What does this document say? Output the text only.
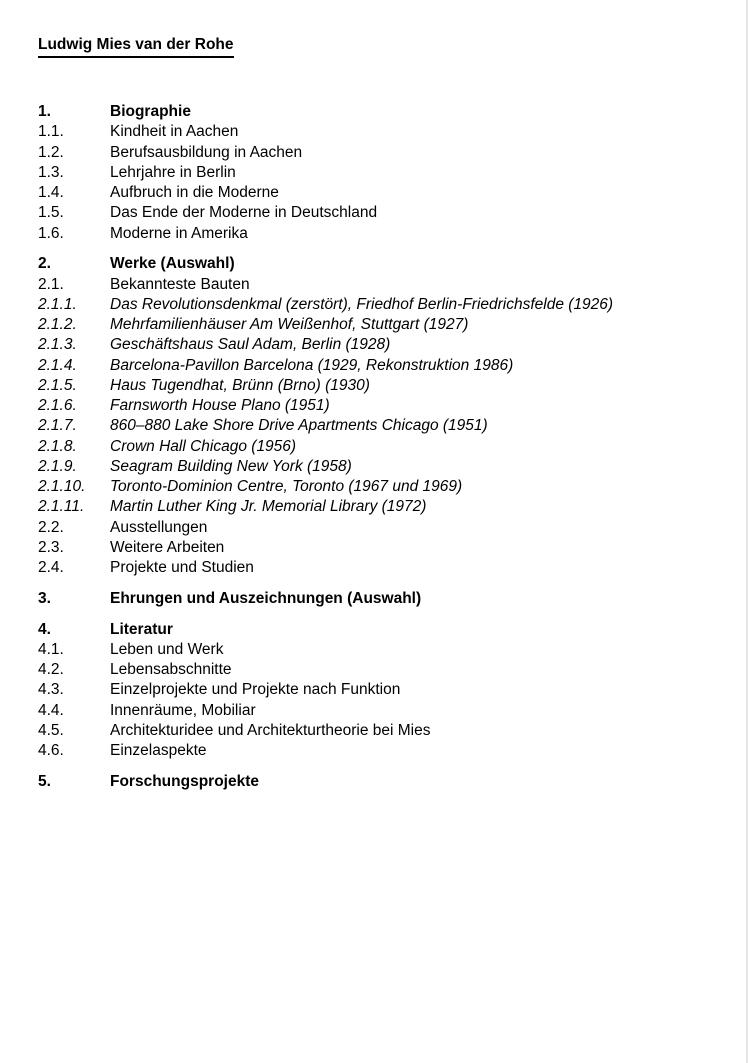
Ludwig Mies van der Rohe
1.	Biographie
1.1.	Kindheit in Aachen
1.2.	Berufsausbildung in Aachen
1.3.	Lehrjahre in Berlin
1.4.	Aufbruch in die Moderne
1.5.	Das Ende der Moderne in Deutschland
1.6.	Moderne in Amerika
2.	Werke (Auswahl)
2.1.	Bekannteste Bauten
2.1.1.	Das Revolutionsdenkmal (zerstört), Friedhof Berlin-Friedrichsfelde (1926)
2.1.2.	Mehrfamilienhäuser Am Weißenhof, Stuttgart (1927)
2.1.3.	Geschäftshaus Saul Adam, Berlin (1928)
2.1.4.	Barcelona-Pavillon Barcelona (1929, Rekonstruktion 1986)
2.1.5.	Haus Tugendhat, Brünn (Brno) (1930)
2.1.6.	Farnsworth House Plano (1951)
2.1.7.	860–880 Lake Shore Drive Apartments Chicago (1951)
2.1.8.	Crown Hall Chicago (1956)
2.1.9.	Seagram Building New York (1958)
2.1.10.	Toronto-Dominion Centre, Toronto (1967 und 1969)
2.1.11.	Martin Luther King Jr. Memorial Library (1972)
2.2.	Ausstellungen
2.3.	Weitere Arbeiten
2.4.	Projekte und Studien
3.	Ehrungen und Auszeichnungen (Auswahl)
4.	Literatur
4.1.	Leben und Werk
4.2.	Lebensabschnitte
4.3.	Einzelprojekte und Projekte nach Funktion
4.4.	Innenräume, Mobiliar
4.5.	Architekturidee und Architekturtheorie bei Mies
4.6.	Einzelaspekte
5.	Forschungsprojekte
